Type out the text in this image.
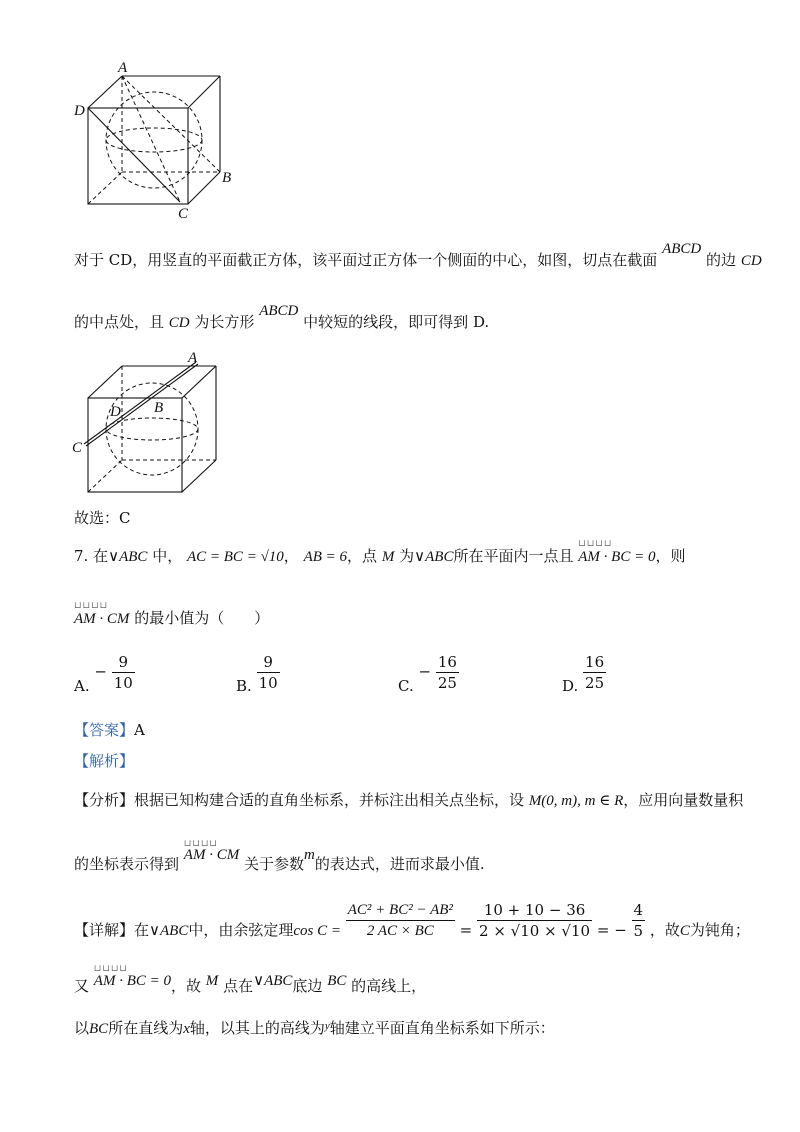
A
D
B
C
对于 CD，用竖直的平面截正方体，该平面过正方体一个侧面的中心，如图，切点在截面 ABCD 的边 CD
的中点处，且 CD 为长方形 ABCD 中较短的线段，即可得到 D.
A
D B
C
故选：C
7. 在∨ABC 中， AC = BC = √10， AB = 6，点 M 为∨ABC所在平面内一点且
⊔⊔⊔⊔
AM · BC = 0，则
⊔⊔⊔⊔
AM · CM 的最小值为（　　）
A. − $\frac{9}{10}$	B. $\frac{9}{10}$	C. − $\frac{16}{25}$	D. $\frac{16}{25}$
【答案】A
【解析】
【分析】根据已知构建合适的直角坐标系，并标注出相关点坐标，设 M(0, m), m ∈ R，应用向量数量积
的坐标表示得到
⊔⊔⊔⊔
AM · CM 关于参数m的表达式，进而求最小值.
【详解】在∨ABC中，由余弦定理$\cos C = \frac{\text{AC² + BC² − AB²}}{2 AC \times BC} = \frac{10 + 10 - 36}{2 \times √10 \times √10}$ = − $\frac{4}{5}$ ，故C为钝角；
又
⊔⊔⊔⊔
AM · BC = 0，故 M 点在∨ABC底边 BC 的高线上，
以BC所在直线为x轴，以其上的高线为$^y$轴建立平面直角坐标系如下所示：
